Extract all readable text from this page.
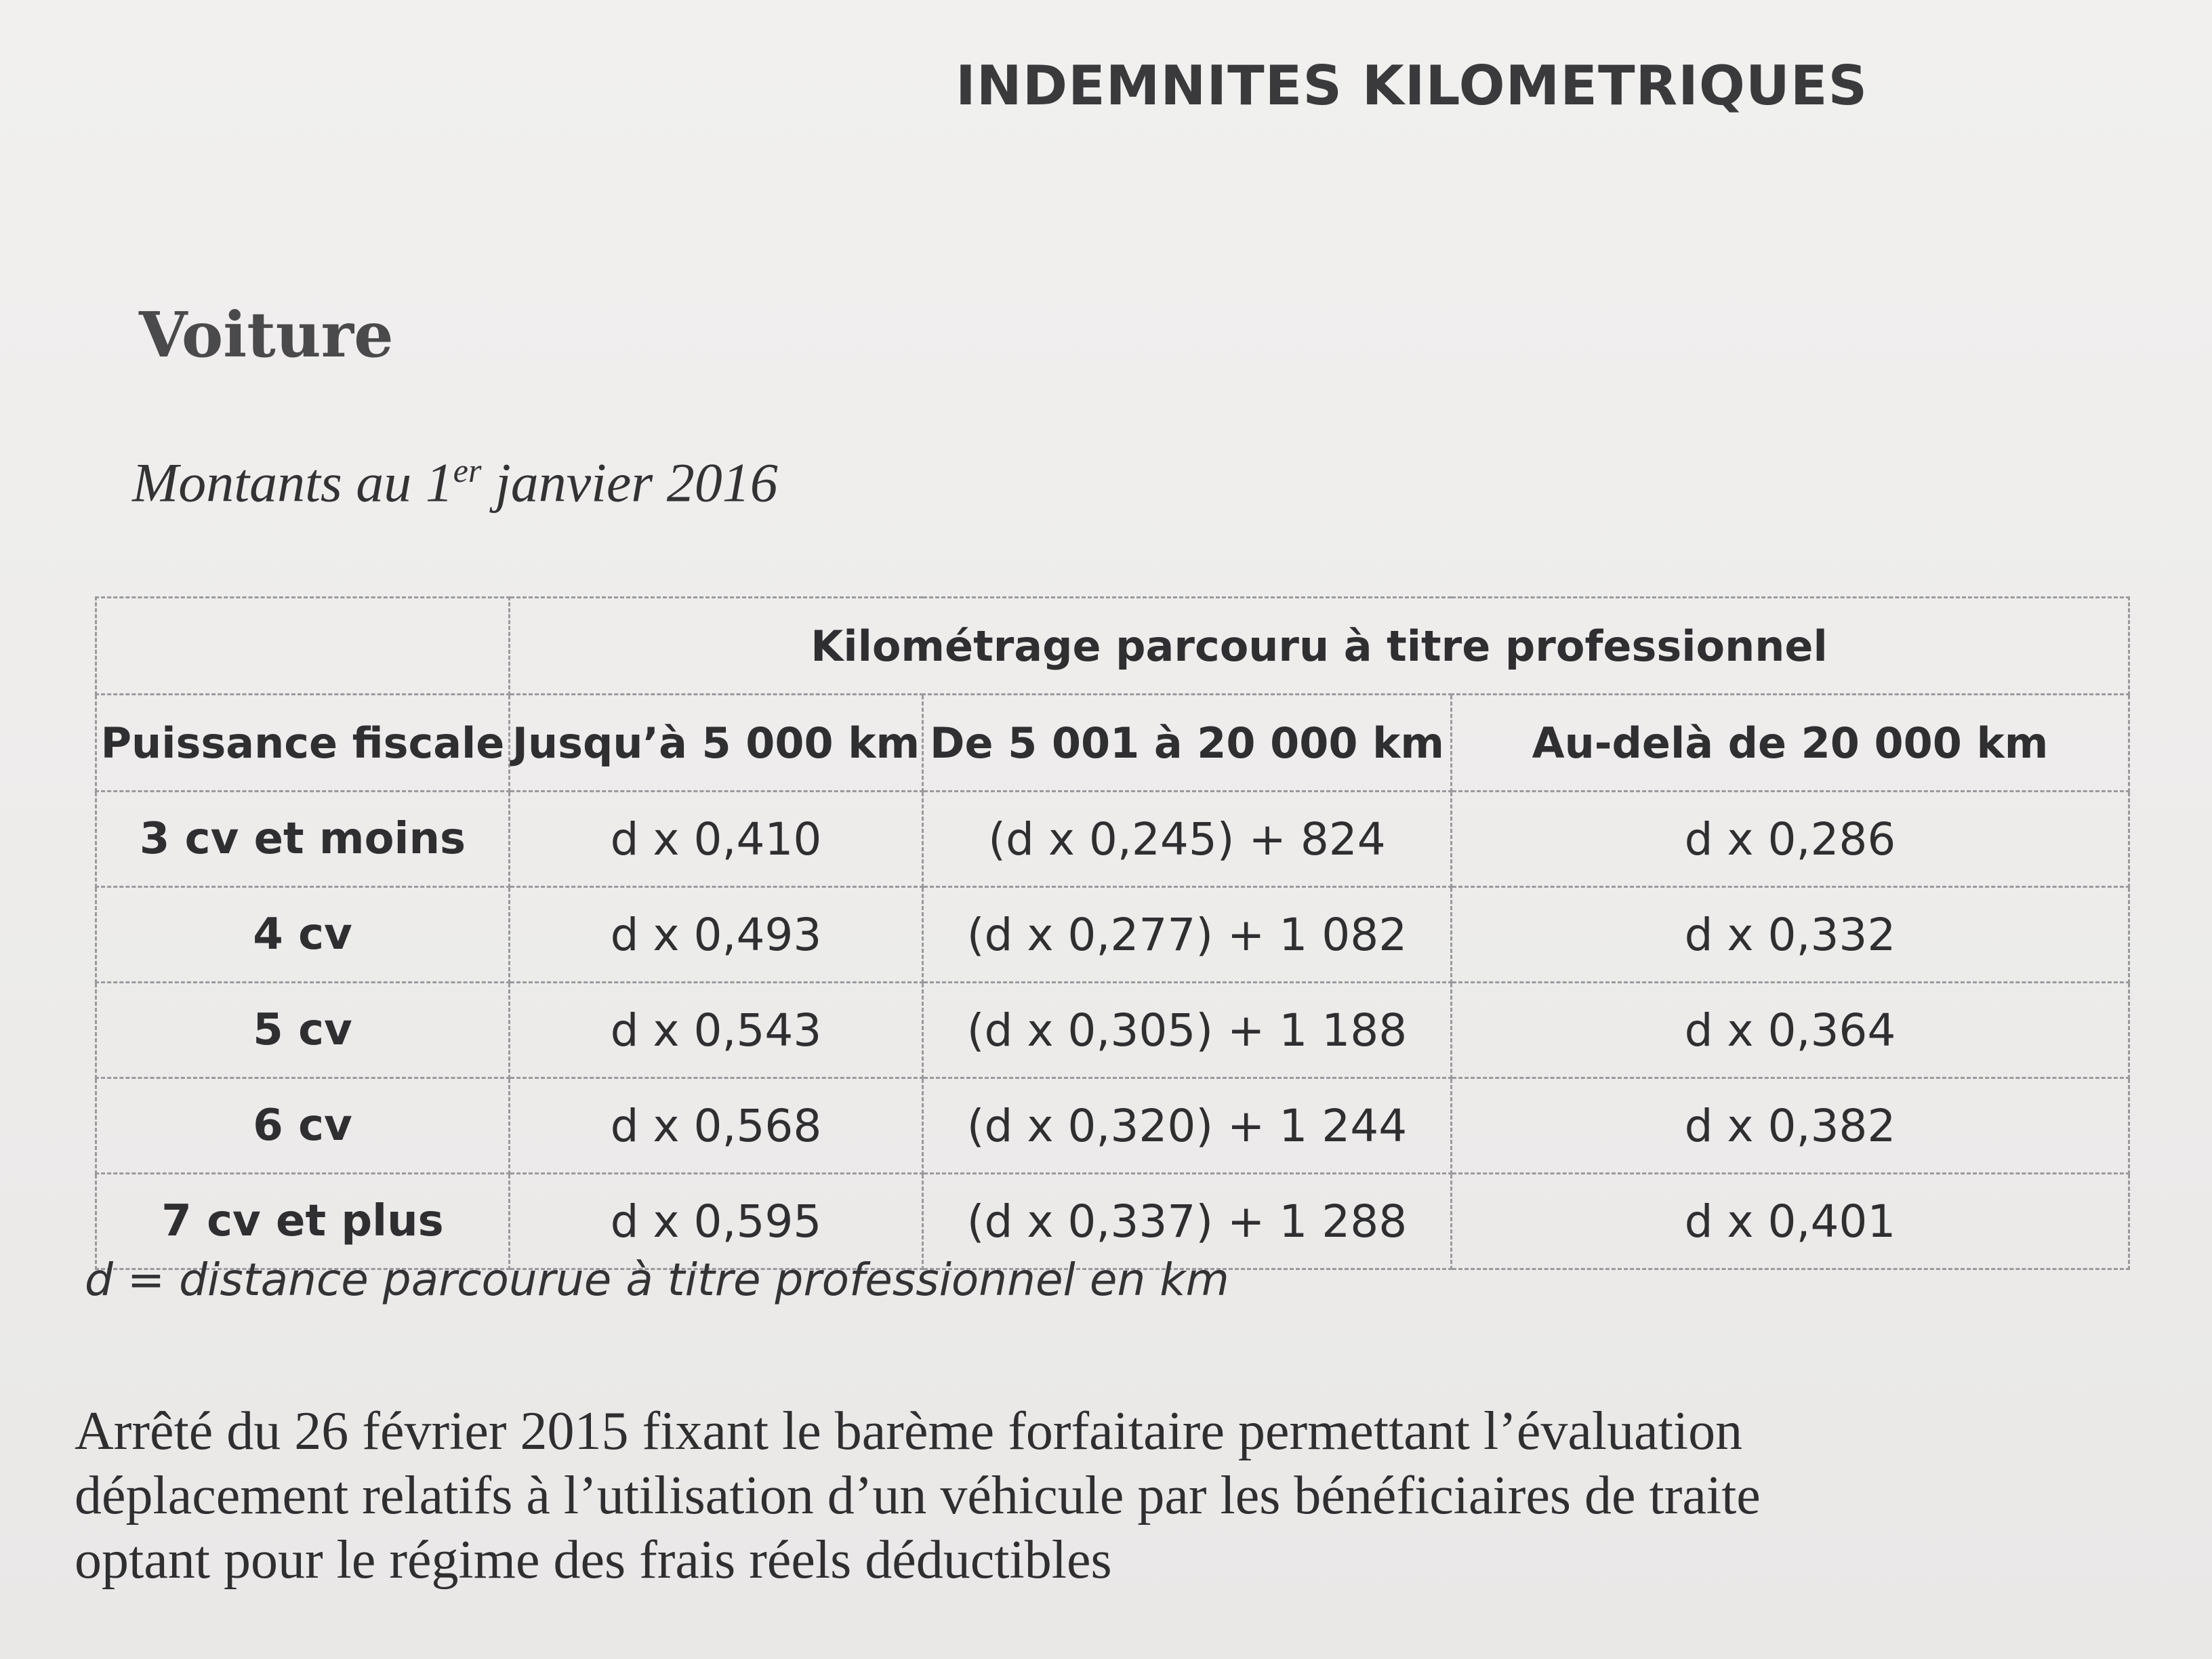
INDEMNITES KILOMETRIQUES
Voiture
Montants au 1er janvier 2016
	Kilométrage parcouru à titre professionnel		
Puissance fiscale	Jusqu’à 5 000 km	De 5 001 à 20 000 km	Au-delà de 20 000 km
3 cv et moins	d x 0,410	(d x 0,245) + 824	d x 0,286
4 cv	d x 0,493	(d x 0,277) + 1 082	d x 0,332
5 cv	d x 0,543	(d x 0,305) + 1 188	d x 0,364
6 cv	d x 0,568	(d x 0,320) + 1 244	d x 0,382
7 cv et plus	d x 0,595	(d x 0,337) + 1 288	d x 0,401
d = distance parcourue à titre professionnel en km
Arrêté du 26 février 2015 fixant le barème forfaitaire permettant l’évaluation
déplacement relatifs à l’utilisation d’un véhicule par les bénéficiaires de traite
optant pour le régime des frais réels déductibles
